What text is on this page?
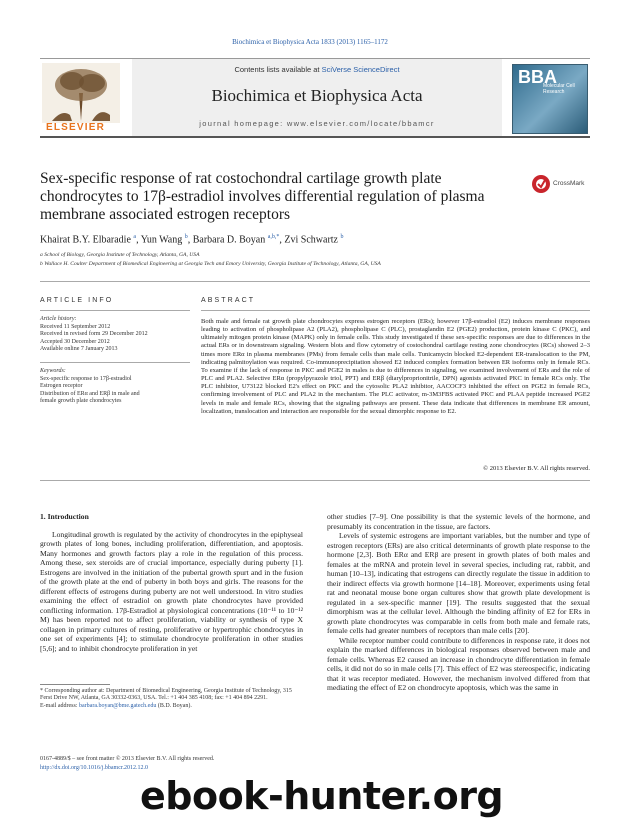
Biochimica et Biophysica Acta 1833 (2013) 1165–1172
ELSEVIER
Contents lists available at SciVerse ScienceDirect
Biochimica et Biophysica Acta
journal homepage: www.elsevier.com/locate/bbamcr
BBA
Molecular Cell
Research
Sex-specific response of rat costochondral cartilage growth plate
chondrocytes to 17β-estradiol involves differential regulation of plasma
membrane associated estrogen receptors
CrossMark
Khairat B.Y. Elbaradie $^a$, Yun Wang $^b$, Barbara D. Boyan $^{a,b,*}$, Zvi Schwartz $^b$
a School of Biology, Georgia Institute of Technology, Atlanta, GA, USA
b Wallace H. Coulter Department of Biomedical Engineering at Georgia Tech and Emory University, Georgia Institute of Technology, Atlanta, GA, USA
ARTICLE INFO	ABSTRACT
Article history:
Received 11 September 2012
Received in revised form 29 December 2012
Accepted 30 December 2012
Available online 7 January 2013
Keywords:
Sex-specific response to 17β-estradiol
Estrogen receptor
Distribution of ERα and ERβ in male and
female growth plate chondrocytes
Both male and female rat growth plate chondrocytes express estrogen receptors (ERs); however 17β-estradiol (E2) induces membrane responses leading to activation of phospholipase A2 (PLA2), phospholipase C (PLC), prostaglandin E2 (PGE2) production, protein kinase C (PKC), and ultimately mitogen protein kinase (MAPK) only in female cells. This study investigated if these sex-specific responses are due to differences in the actual ERs or in downstream signaling. Western blots and flow cytometry of costochondral cartilage resting zone chondrocytes (RCs) showed 2–3 times more ERα in plasma membranes (PMs) from female cells than male cells. Tunicamycin blocked E2-dependent ER-translocation to the PM, indicating palmitoylation was required. Co-immunoprecipitation showed E2 induced complex formation between ER isoforms only in female RCs. To examine if the lack of response in PKC and PGE2 in males is due to differences in signaling, we examined involvement of ERs and the role of PLC and PLA2. Selective ERα (propylpyrazole triol, PPT) and ERβ (diarylproprionitrile, DPN) agonists activated PKC in female RCs only. The PLC inhibitor, U73122 blocked E2's effect on PKC and the cytosolic PLA2 inhibitor, AACOCF3 inhibited the effect on PGE2 in female RCs, confirming involvement of PLC and PLA2 in the mechanism. The PLC activator, m-3M3FBS activated PKC and PLAA peptide increased PGE2 levels in male and female RCs, showing that the signaling pathways are present. These data indicate that differences in membrane ER amount, localization, translocation and interaction are responsible for the sexual dimorphic response to E2.
© 2013 Elsevier B.V. All rights reserved.
1. Introduction

Longitudinal growth is regulated by the activity of chondrocytes in the epiphyseal growth plates of long bones, including proliferation, differentiation, and apoptosis. Many hormones and growth factors play a role in the regulation of this process. Among these, sex steroids are of crucial importance, especially during puberty [1]. Estrogens are involved in the initiation of the pubertal growth spurt and in the fusion of the growth plate at the end of puberty in both boys and girls. The reasons for the different effects of estrogens during puberty are not well understood. In vitro studies examining the effect of estradiol on growth plate chondrocytes have provided conflicting information. 17β-Estradiol at physiological concentrations (10⁻¹¹ to 10⁻¹² M) has been reported not to affect proliferation, viability or synthesis of type X collagen in primary cultures of resting, proliferative or hypertrophic chondrocytes in one set of experiments [4]; to stimulate chondrocyte proliferation in other studies [5,6]; and to inhibit chondrocyte proliferation in yet

other studies [7–9]. One possibility is that the systemic levels of the hormone, and presumably its concentration in the tissue, are factors.

Levels of systemic estrogens are important variables, but the number and type of estrogen receptors (ERs) are also critical determinants of growth plate response to the hormone [2,3]. Both ERα and ERβ are present in growth plates of both males and females at the mRNA and protein level in several species, including rat, rabbit, and human [10–13], indicating that estrogens can directly regulate the tissue in addition to their indirect effects via growth hormone [14–18]. Moreover, experiments using fetal rat and neonatal mouse bone organ cultures show that growth plate development is regulated in a sex-specific manner [19]. The results suggested that the sexual dimorphism was at the cellular level. Although the binding affinity of E2 for ERs in growth plate chondrocytes was comparable in cells from both male and female rats, female cells had greater numbers of receptors than male cells [20].

While receptor number could contribute to differences in response rate, it does not explain the marked differences in biological responses observed between male and female cells. Whereas E2 caused an increase in chondrocyte differentiation in female cells, it did not do so in male cells [7]. This effect of E2 was stereospecific, indicating that it was receptor mediated. However, the mechanism involved differed from that mediating the effect of E2 on chondrocyte apoptosis, which was the same in

* Corresponding author at: Department of Biomedical Engineering, Georgia Institute of Technology, 315 Ferst Drive NW, Atlanta, GA 30332-0363, USA. Tel.: +1 404 385 4108; fax: +1 404 894 2291.
E-mail address: barbara.boyan@bme.gatech.edu (B.D. Boyan).
0167-4889/$ – see front matter © 2013 Elsevier B.V. All rights reserved.
http://dx.doi.org/10.1016/j.bbamcr.2012.12.0
ebook-hunter.org
